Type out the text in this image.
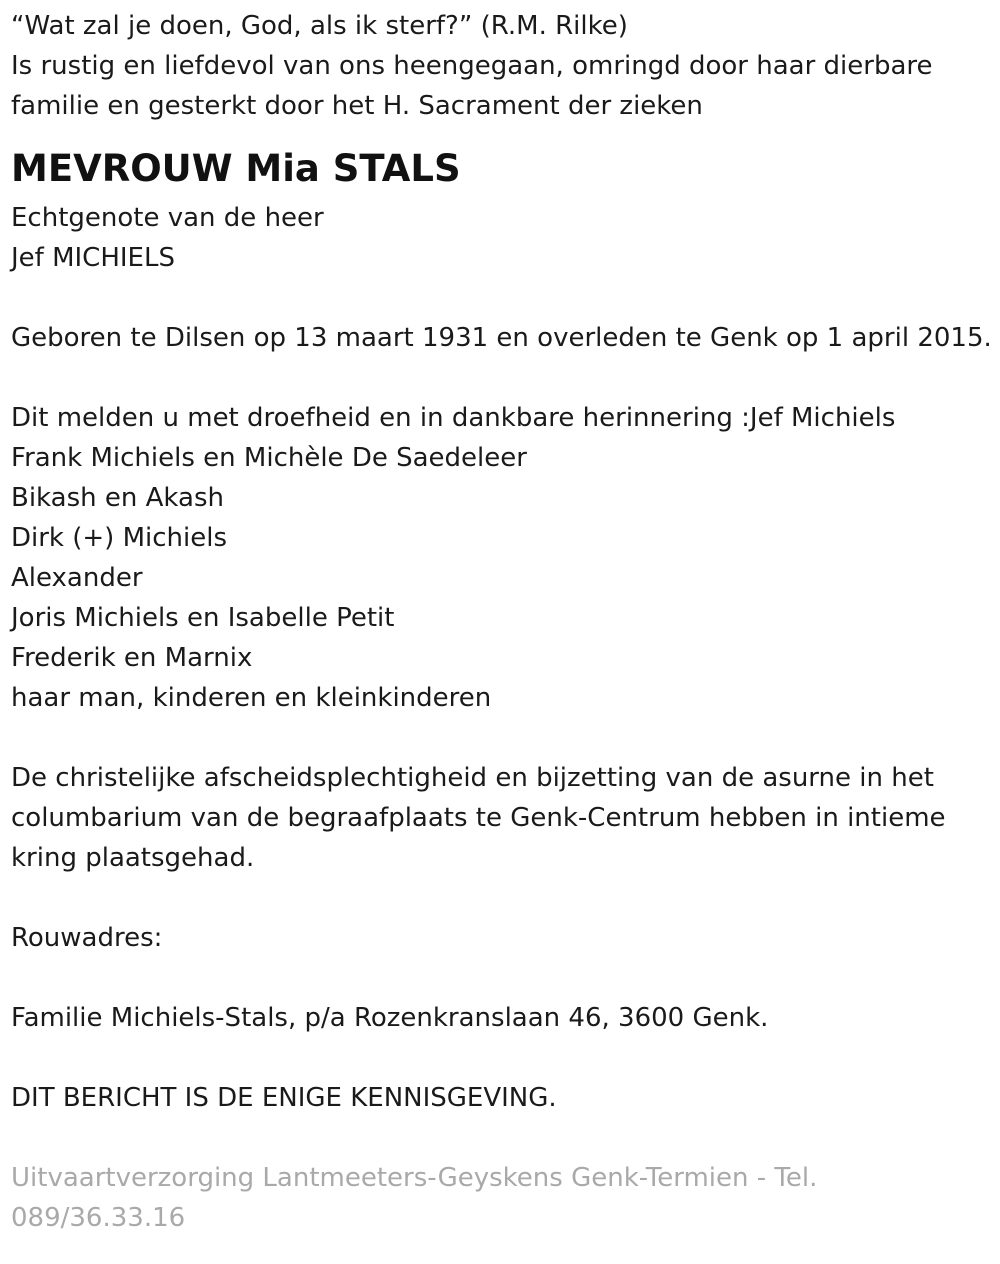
“Wat zal je doen, God, als ik sterf?” (R.M. Rilke)
Is rustig en liefdevol van ons heengegaan, omringd door haar dierbare
familie en gesterkt door het H. Sacrament der zieken
MEVROUW Mia STALS
Echtgenote van de heer
Jef MICHIELS
Geboren te Dilsen op 13 maart 1931 en overleden te Genk op 1 april 2015.
Dit melden u met droefheid en in dankbare herinnering :Jef Michiels
Frank Michiels en Michèle De Saedeleer
Bikash en Akash
Dirk (+) Michiels
Alexander
Joris Michiels en Isabelle Petit
Frederik en Marnix
haar man, kinderen en kleinkinderen
De christelijke afscheidsplechtigheid en bijzetting van de asurne in het
columbarium van de begraafplaats te Genk-Centrum hebben in intieme
kring plaatsgehad.
Rouwadres:
Familie Michiels-Stals, p/a Rozenkranslaan 46, 3600 Genk.
DIT BERICHT IS DE ENIGE KENNISGEVING.
Uitvaartverzorging Lantmeeters-Geyskens Genk-Termien - Tel.
089/36.33.16
